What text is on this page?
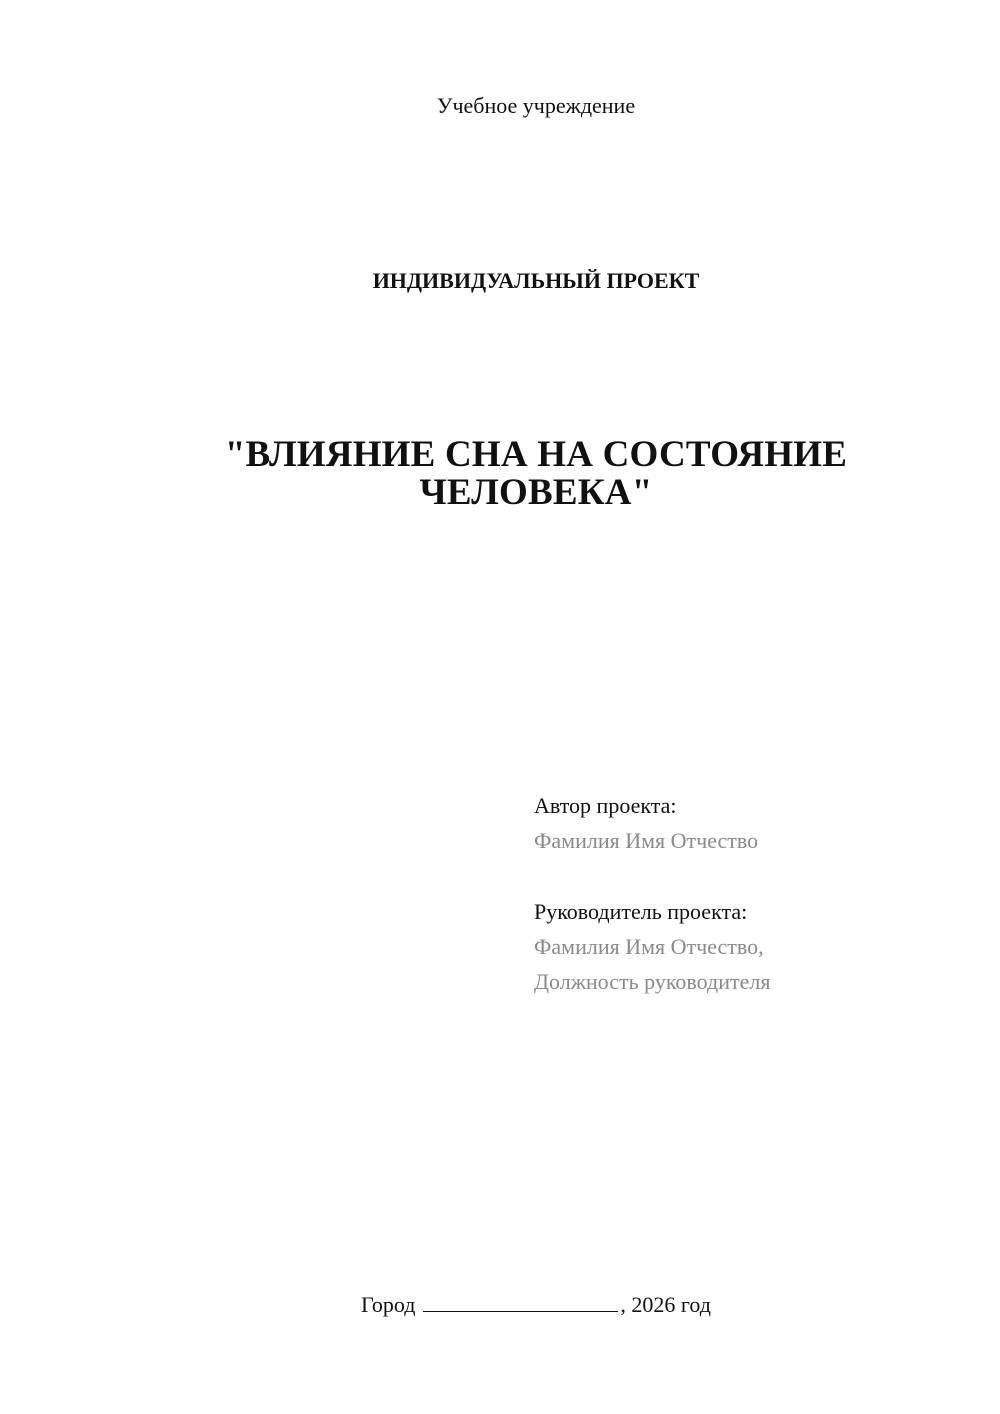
Учебное учреждение
ИНДИВИДУАЛЬНЫЙ ПРОЕКТ
"ВЛИЯНИЕ СНА НА СОСТОЯНИЕ
ЧЕЛОВЕКА"
Автор проекта:
Фамилия Имя Отчество
Руководитель проекта:
Фамилия Имя Отчество,
Должность руководителя
Город	, 2026 год
